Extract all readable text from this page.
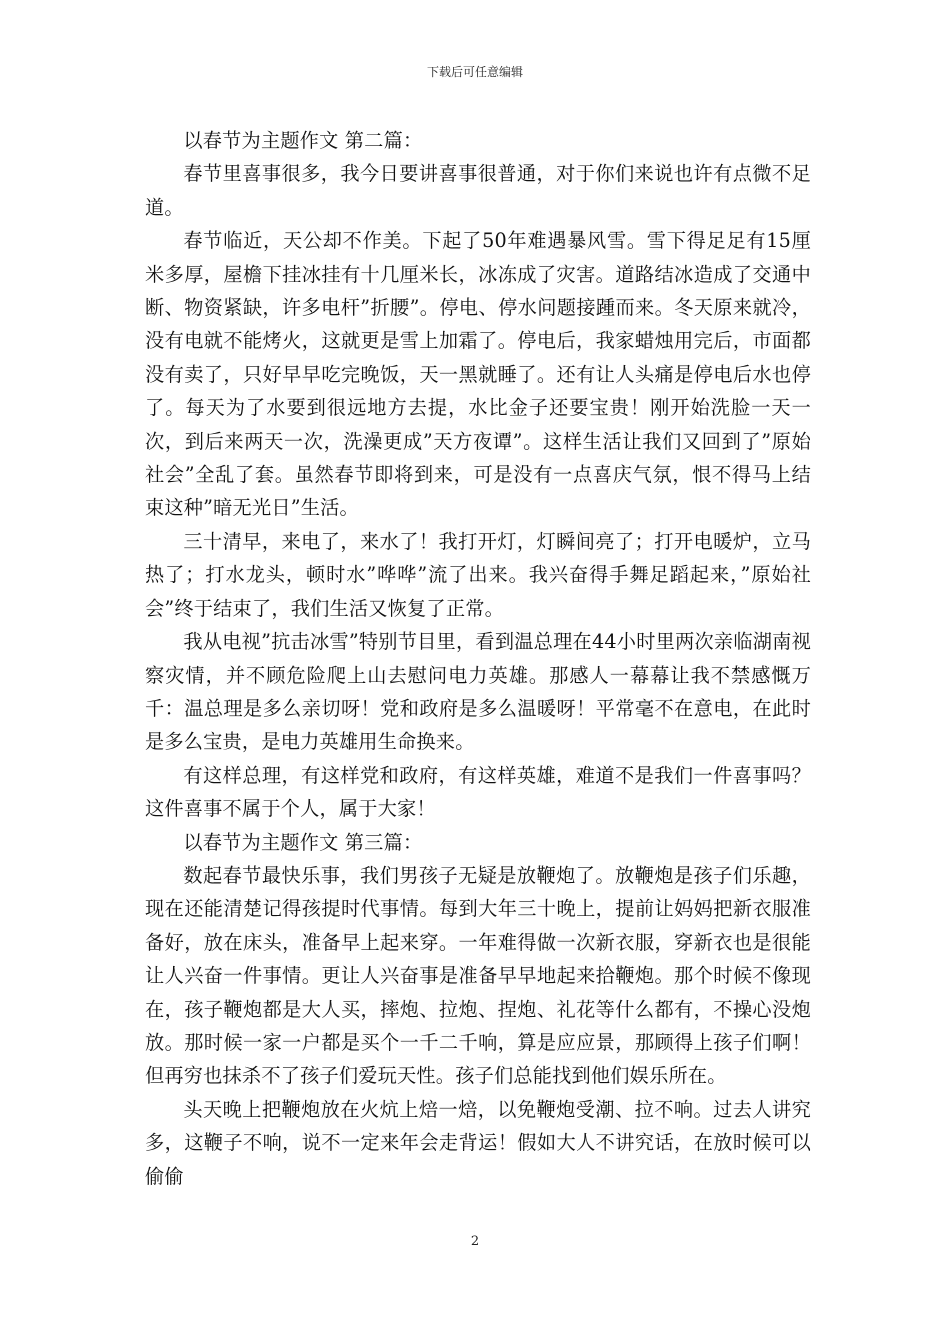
下载后可任意编辑

以春节为主题作文 第二篇：

春节里喜事很多，我今日要讲喜事很普通，对于你们来说也许有点微不足道。

春节临近，天公却不作美。下起了50年难遇暴风雪。雪下得足足有15厘米多厚，屋檐下挂冰挂有十几厘米长，冰冻成了灾害。道路结冰造成了交通中断、物资紧缺，许多电杆”折腰”。停电、停水问题接踵而来。冬天原来就冷，没有电就不能烤火，这就更是雪上加霜了。停电后，我家蜡烛用完后，市面都没有卖了，只好早早吃完晚饭，天一黑就睡了。还有让人头痛是停电后水也停了。每天为了水要到很远地方去提，水比金子还要宝贵！刚开始洗脸一天一次，到后来两天一次，洗澡更成”天方夜谭”。这样生活让我们又回到了”原始社会”全乱了套。虽然春节即将到来，可是没有一点喜庆气氛，恨不得马上结束这种”暗无光日”生活。

三十清早，来电了，来水了！我打开灯，灯瞬间亮了；打开电暖炉，立马热了；打水龙头，顿时水”哗哗”流了出来。我兴奋得手舞足蹈起来，”原始社会”终于结束了，我们生活又恢复了正常。

我从电视”抗击冰雪”特别节目里，看到温总理在44小时里两次亲临湖南视察灾情，并不顾危险爬上山去慰问电力英雄。那感人一幕幕让我不禁感慨万千：温总理是多么亲切呀！党和政府是多么温暖呀！平常毫不在意电，在此时是多么宝贵，是电力英雄用生命换来。

有这样总理，有这样党和政府，有这样英雄，难道不是我们一件喜事吗？这件喜事不属于个人，属于大家！

以春节为主题作文 第三篇：

数起春节最快乐事，我们男孩子无疑是放鞭炮了。放鞭炮是孩子们乐趣，现在还能清楚记得孩提时代事情。每到大年三十晚上，提前让妈妈把新衣服准备好，放在床头，准备早上起来穿。一年难得做一次新衣服，穿新衣也是很能让人兴奋一件事情。更让人兴奋事是准备早早地起来拾鞭炮。那个时候不像现在，孩子鞭炮都是大人买，摔炮、拉炮、捏炮、礼花等什么都有，不操心没炮放。那时候一家一户都是买个一千二千响，算是应应景，那顾得上孩子们啊！但再穷也抹杀不了孩子们爱玩天性。孩子们总能找到他们娱乐所在。

头天晚上把鞭炮放在火炕上焙一焙，以免鞭炮受潮、拉不响。过去人讲究多，这鞭子不响，说不一定来年会走背运！假如大人不讲究话，在放时候可以偷偷

2
